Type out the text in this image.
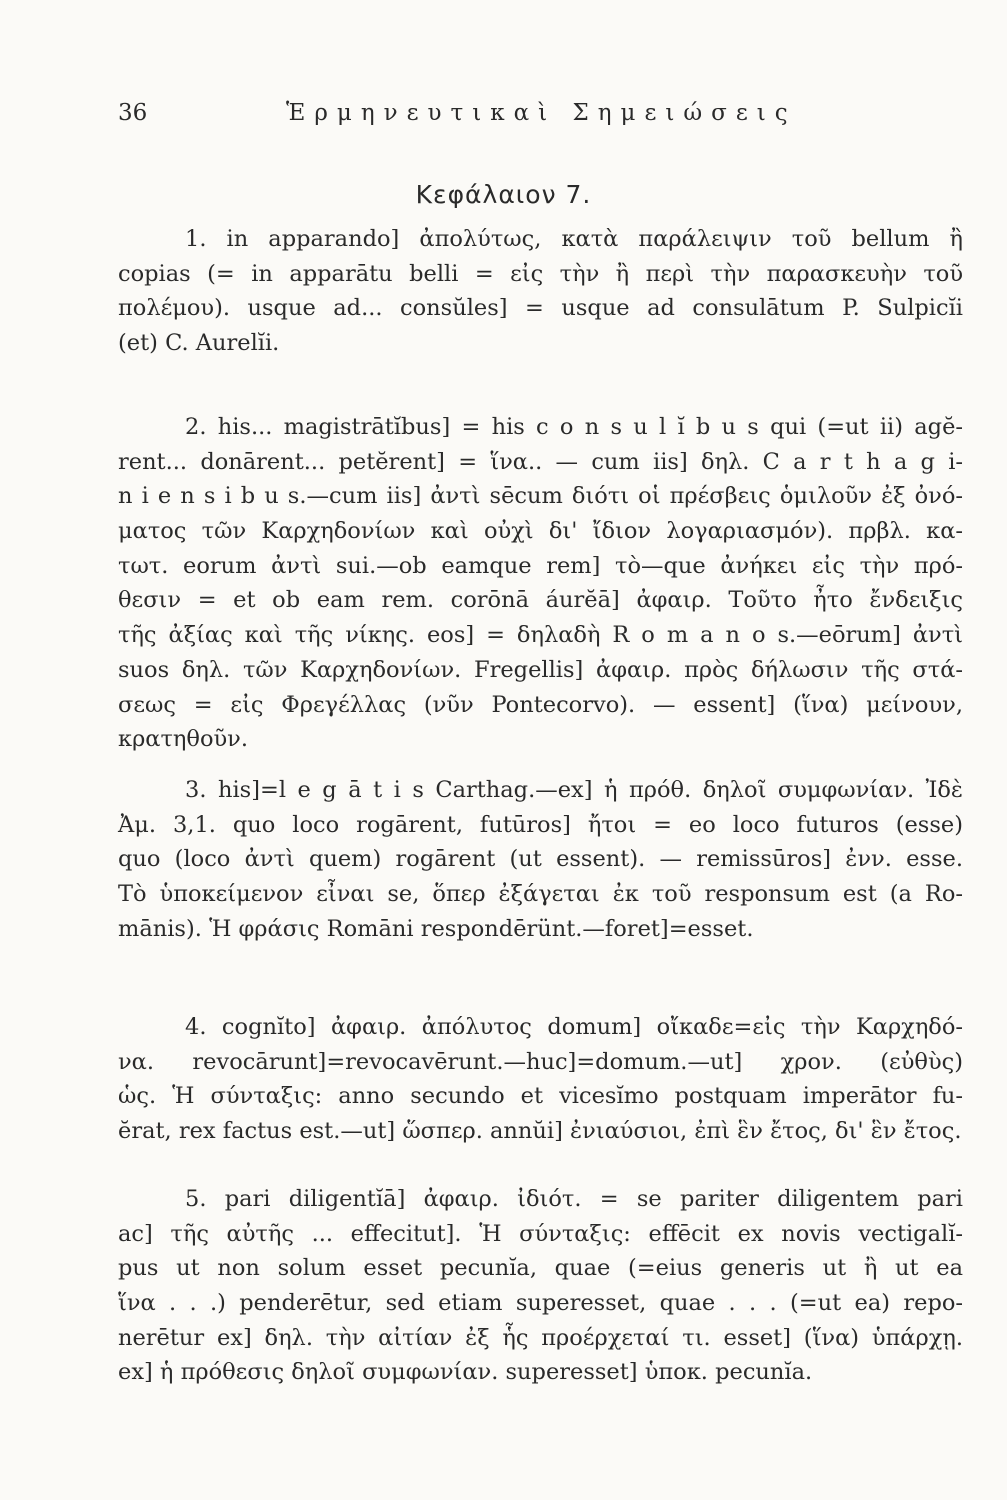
36	Ἑρμηνευτικαὶ Σημειώσεις
Κεφάλαιον 7.
1. in apparando] ἀπολύτως, κατὰ παράλειψιν τοῦ bellum ἢ
copias (= in apparātu belli = εἰς τὴν ἢ περὶ τὴν παρασκευὴν τοῦ
πολέμου). usque ad... consŭles] = usque ad consulātum P. Sulpicĭi
(et) C. Aurelĭi.
2. his... magistrātĭbus] = his c o n s u l ĭ b u s qui (=ut ii) agĕ-
rent... donārent... petĕrent] = ἵνα.. — cum iis] δηλ. C a r t h a g i-
n i e n s i b u s.—cum iis] ἀντὶ sēcum διότι οἱ πρέσβεις ὁμιλοῦν ἐξ ὀνό-
ματος τῶν Καρχηδονίων καὶ οὐχὶ δι' ἴδιον λογαριασμόν). πρβλ. κα-
τωτ. eorum ἀντὶ sui.—ob eamque rem] τὸ—que ἀνήκει εἰς τὴν πρό-
θεσιν = et ob eam rem. corōnā áurĕā] ἀφαιρ. Τοῦτο ἦτο ἔνδειξις
τῆς ἀξίας καὶ τῆς νίκης. eos] = δηλαδὴ R o m a n o s.—eōrum] ἀντὶ
suos δηλ. τῶν Καρχηδονίων. Fregellis] ἀφαιρ. πρὸς δήλωσιν τῆς στά-
σεως = εἰς Φρεγέλλας (νῦν Pontecorvo). — essent] (ἵνα) μείνουν,
κρατηθοῦν.
3. his]=l e g ā t i s Carthag.—ex] ἡ πρόθ. δηλοῖ συμφωνίαν. Ἰδὲ
Ἀμ. 3,1. quo loco rogārent, futūros] ἤτοι = eo loco futuros (esse)
quo (loco ἀντὶ quem) rogārent (ut essent). — remissūros] ἐνν. esse.
Τὸ ὑποκείμενον εἶναι se, ὅπερ ἐξάγεται ἐκ τοῦ responsum est (a Ro-
mānis). Ἡ φράσις Romāni respondērünt.—foret]=esset.
4. cognĭto] ἀφαιρ. ἀπόλυτος domum] οἴκαδε=εἰς τὴν Καρχηδό-
να. revocārunt]=revocavērunt.—huc]=domum.—ut] χρον. (εὐθὺς)
ὡς. Ἡ σύνταξις: anno secundo et vicesĭmo postquam imperātor fu-
ĕrat, rex factus est.—ut] ὥσπερ. annŭi] ἐνιαύσιοι, ἐπὶ ἓν ἔτος, δι' ἓν ἔτος.
5. pari diligentĭā] ἀφαιρ. ἰδιότ. = se pariter diligentem pari
ac] τῆς αὐτῆς ... effecitut]. Ἡ σύνταξις: effēcit ex novis vectigalĭ-
pus ut non solum esset pecunĭa, quae (=eius generis ut ἢ ut ea
ἵνα . . .) penderētur, sed etiam superesset, quae . . . (=ut ea) repo-
nerētur ex] δηλ. τὴν αἰτίαν ἐξ ἧς προέρχεταί τι. esset] (ἵνα) ὑπάρχῃ.
ex] ἡ πρόθεσις δηλοῖ συμφωνίαν. superesset] ὑποκ. pecunĭa.
